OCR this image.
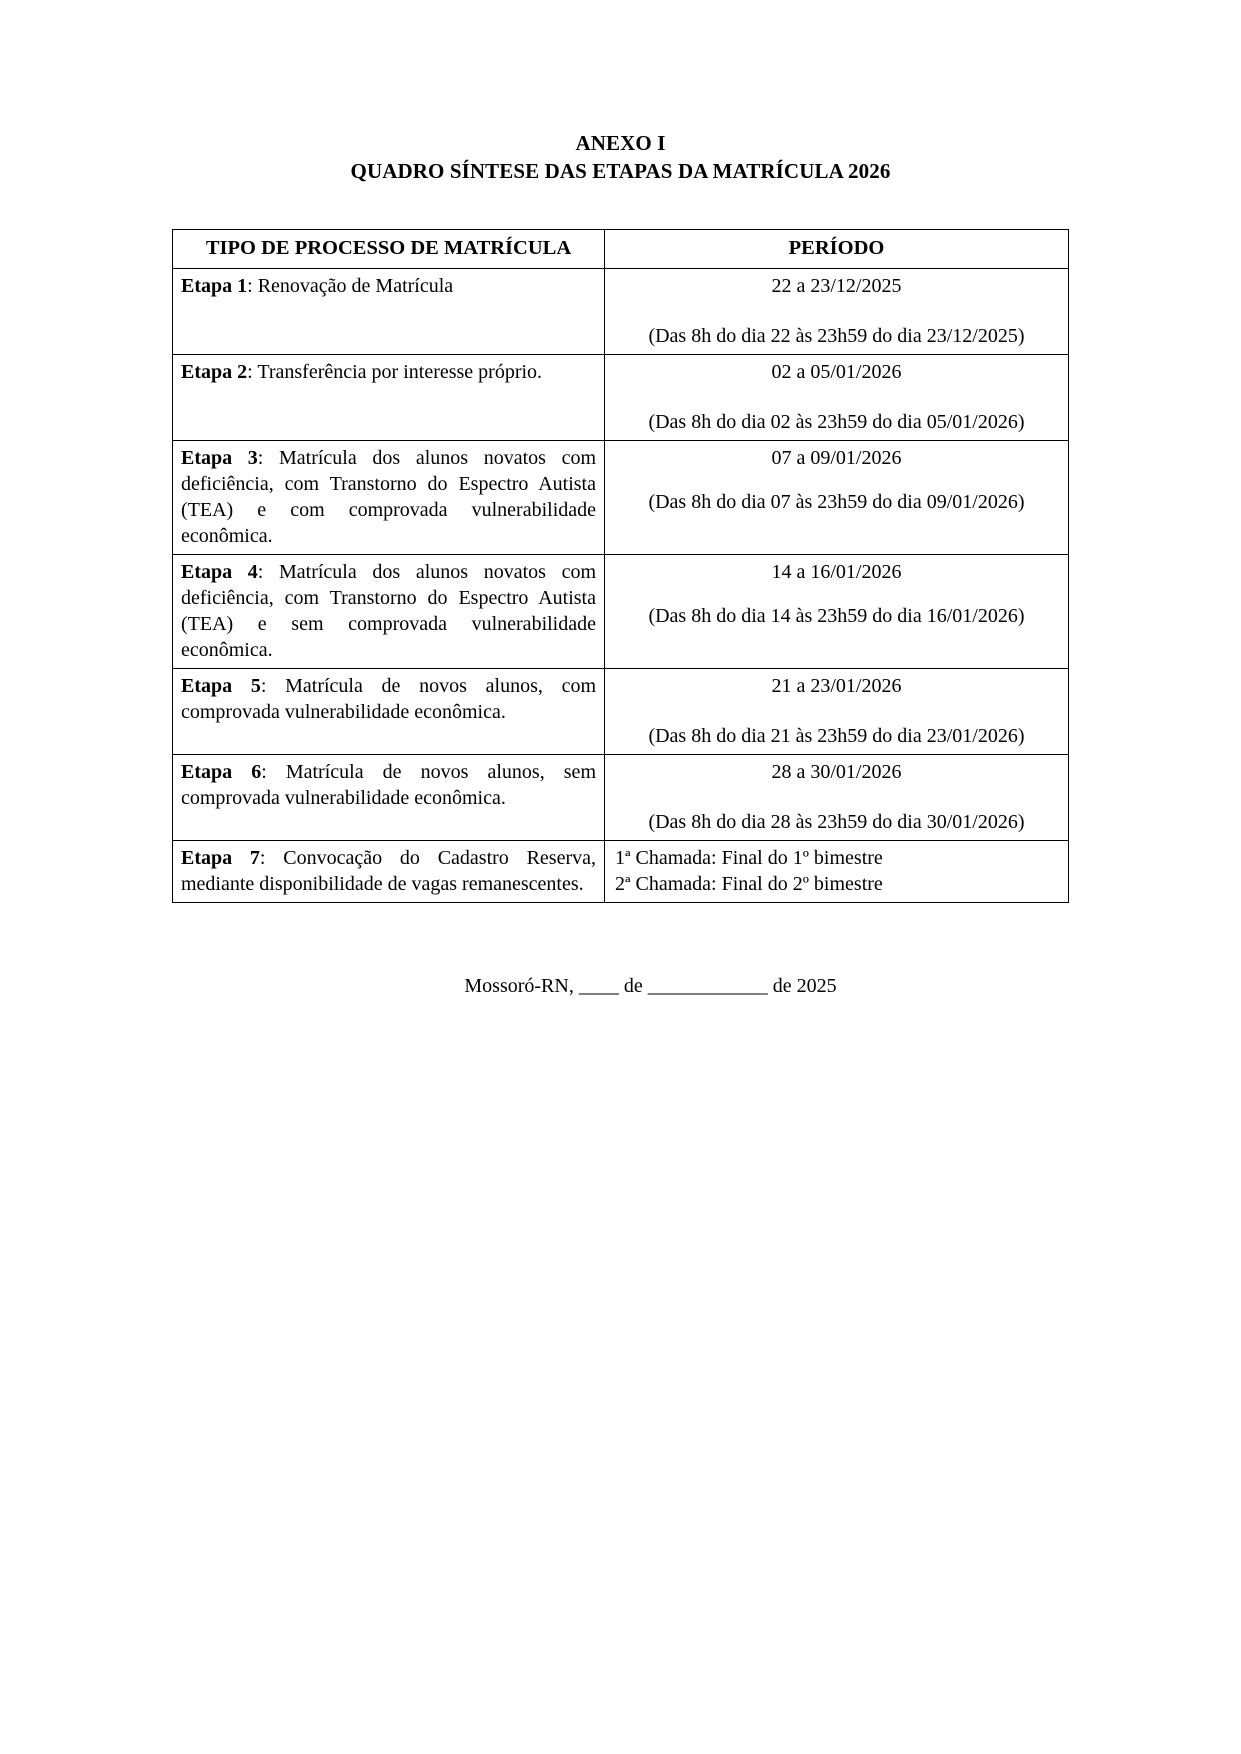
ANEXO I
QUADRO SÍNTESE DAS ETAPAS DA MATRÍCULA 2026
TIPO DE PROCESSO DE MATRÍCULA	PERÍODO
Etapa 1: Renovação de Matrícula	22 a 23/12/2025
(Das 8h do dia 22 às 23h59 do dia 23/12/2025)

Etapa 2: Transferência por interesse próprio.	02 a 05/01/2026
(Das 8h do dia 02 às 23h59 do dia 05/01/2026)

Etapa 3: Matrícula dos alunos novatos com deficiência, com Transtorno do Espectro Autista (TEA) e com comprovada vulnerabilidade econômica.	07 a 09/01/2026
(Das 8h do dia 07 às 23h59 do dia 09/01/2026)

Etapa 4: Matrícula dos alunos novatos com deficiência, com Transtorno do Espectro Autista (TEA) e sem comprovada vulnerabilidade econômica.	14 a 16/01/2026
(Das 8h do dia 14 às 23h59 do dia 16/01/2026)

Etapa 5: Matrícula de novos alunos, com comprovada vulnerabilidade econômica.	21 a 23/01/2026
(Das 8h do dia 21 às 23h59 do dia 23/01/2026)

Etapa 6: Matrícula de novos alunos, sem comprovada vulnerabilidade econômica.	28 a 30/01/2026
(Das 8h do dia 28 às 23h59 do dia 30/01/2026)

Etapa 7: Convocação do Cadastro Reserva, mediante disponibilidade de vagas remanescentes.	1ª Chamada: Final do 1º bimestre
2ª Chamada: Final do 2º bimestre
Mossoró-RN, ____ de ____________ de 2025
